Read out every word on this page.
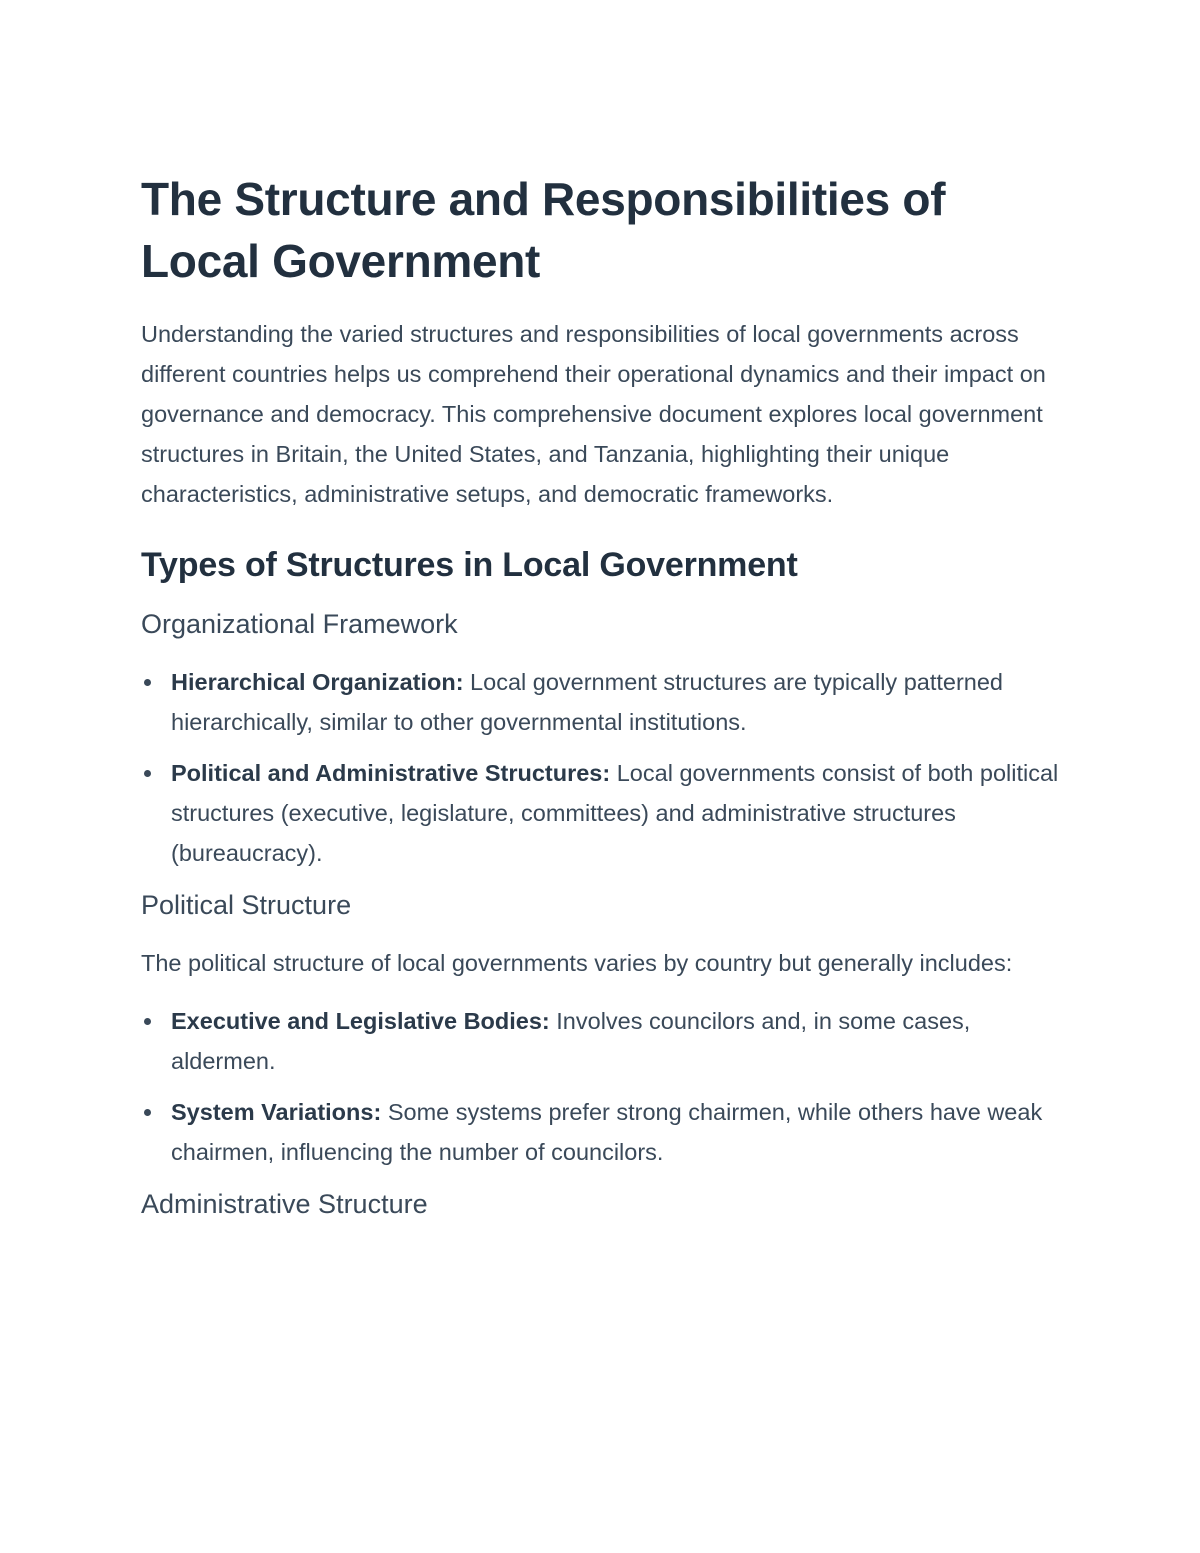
The Structure and Responsibilities of Local Government

Understanding the varied structures and responsibilities of local governments across different countries helps us comprehend their operational dynamics and their impact on governance and democracy. This comprehensive document explores local government structures in Britain, the United States, and Tanzania, highlighting their unique characteristics, administrative setups, and democratic frameworks.

Types of Structures in Local Government
Organizational Framework
Hierarchical Organization: Local government structures are typically patterned hierarchically, similar to other governmental institutions.
Political and Administrative Structures: Local governments consist of both political structures (executive, legislature, committees) and administrative structures (bureaucracy).
Political Structure

The political structure of local governments varies by country but generally includes:

Executive and Legislative Bodies: Involves councilors and, in some cases, aldermen.
System Variations: Some systems prefer strong chairmen, while others have weak chairmen, influencing the number of councilors.
Administrative Structure
